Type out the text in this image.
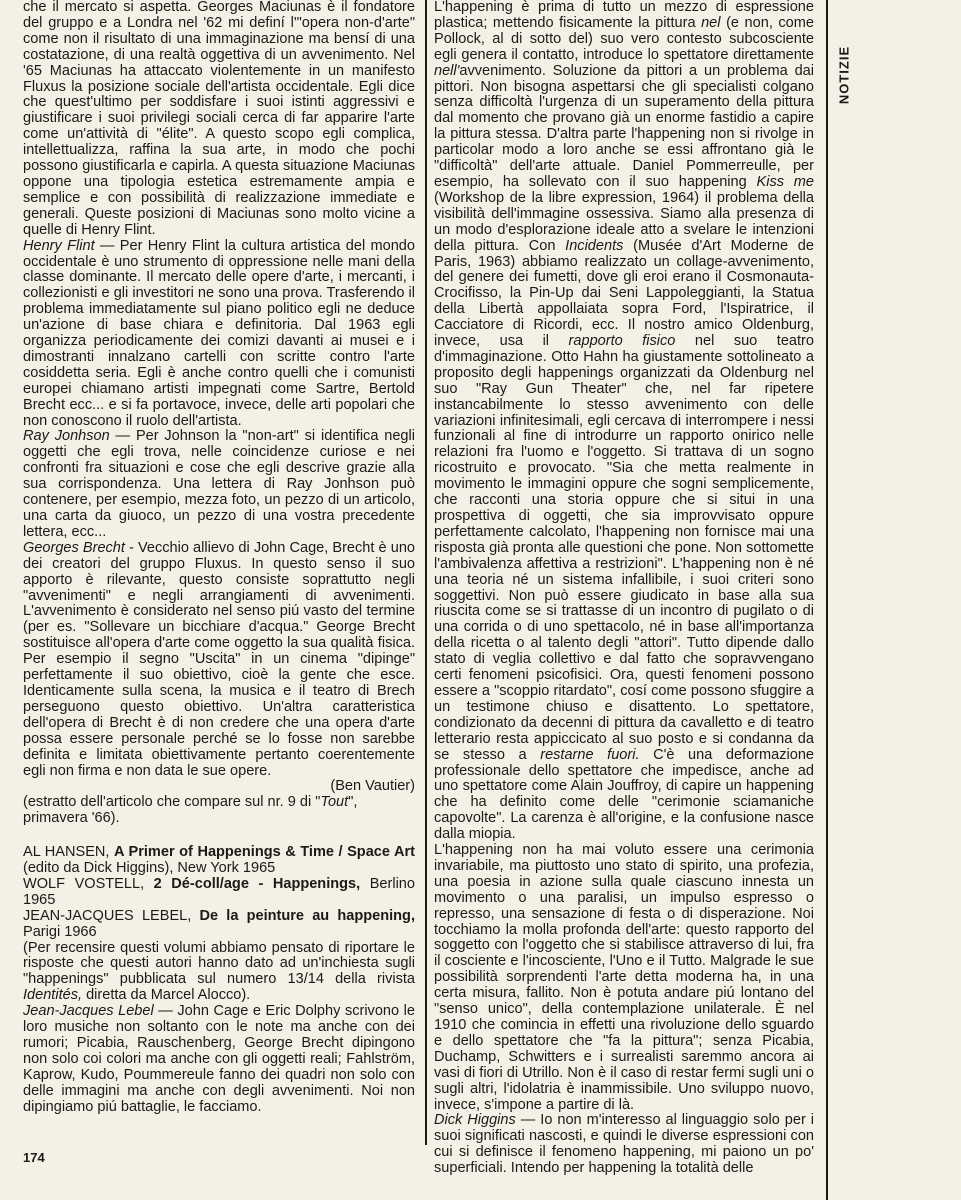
NOTIZIE

che il mercato si aspetta. Georges Maciunas è il fondatore del gruppo e a Londra nel '62 mi definí l'"opera non-d'arte" come non il risultato di una immaginazione ma bensí di una costatazione, di una realtà oggettiva di un avvenimento. Nel '65 Maciunas ha attaccato violentemente in un manifesto Fluxus la posizione sociale dell'artista occidentale. Egli dice che quest'ultimo per soddisfare i suoi istinti aggressivi e giustificare i suoi privilegi sociali cerca di far apparire l'arte come un'attività di "élite". A questo scopo egli complica, intellettualizza, raffina la sua arte, in modo che pochi possono giustificarla e capirla. A questa situazione Maciunas oppone una tipologia estetica estremamente ampia e semplice e con possibilità di realizzazione immediate e generali. Queste posizioni di Maciunas sono molto vicine a quelle di Henry Flint.

Henry Flint — Per Henry Flint la cultura artistica del mondo occidentale è uno strumento di oppressione nelle mani della classe dominante. Il mercato delle opere d'arte, i mercanti, i collezionisti e gli investitori ne sono una prova. Trasferendo il problema immediatamente sul piano politico egli ne deduce un'azione di base chiara e definitoria. Dal 1963 egli organizza periodicamente dei comizi davanti ai musei e i dimostranti innalzano cartelli con scritte contro l'arte cosiddetta seria. Egli è anche contro quelli che i comunisti europei chiamano artisti impegnati come Sartre, Bertold Brecht ecc... e si fa portavoce, invece, delle arti popolari che non conoscono il ruolo dell'artista.

Ray Jonhson — Per Johnson la "non-art" si identifica negli oggetti che egli trova, nelle coincidenze curiose e nei confronti fra situazioni e cose che egli descrive grazie alla sua corrispondenza. Una lettera di Ray Jonhson può contenere, per esempio, mezza foto, un pezzo di un articolo, una carta da giuoco, un pezzo di una vostra precedente lettera, ecc...

Georges Brecht - Vecchio allievo di John Cage, Brecht è uno dei creatori del gruppo Fluxus. In questo senso il suo apporto è rilevante, questo consiste soprattutto negli "avvenimenti" e negli arrangiamenti di avvenimenti. L'avvenimento è considerato nel senso piú vasto del termine (per es. "Sollevare un bicchiare d'acqua." George Brecht sostituisce all'opera d'arte come oggetto la sua qualità fisica. Per esempio il segno "Uscita" in un cinema "dipinge" perfettamente il suo obiettivo, cioè la gente che esce. Identicamente sulla scena, la musica e il teatro di Brech perseguono questo obiettivo. Un'altra caratteristica dell'opera di Brecht è di non credere che una opera d'arte possa essere personale perché se lo fosse non sarebbe definita e limitata obiettivamente pertanto coerentemente egli non firma e non data le sue opere.

(Ben Vautier)

(estratto dell'articolo che compare sul nr. 9 di "Tout", primavera '66).

AL HANSEN, A Primer of Happenings & Time / Space Art (edito da Dick Higgins), New York 1965

WOLF VOSTELL, 2 Dé-coll/age - Happenings, Berlino 1965

JEAN-JACQUES LEBEL, De la peinture au happening, Parigi 1966

(Per recensire questi volumi abbiamo pensato di riportare le risposte che questi autori hanno dato ad un'inchiesta sugli "happenings" pubblicata sul numero 13/14 della rivista Identités, diretta da Marcel Alocco).

Jean-Jacques Lebel — John Cage e Eric Dolphy scrivono le loro musiche non soltanto con le note ma anche con dei rumori; Picabia, Rauschenberg, George Brecht dipingono non solo coi colori ma anche con gli oggetti reali; Fahlström, Kaprow, Kudo, Poummereule fanno dei quadri non solo con delle immagini ma anche con degli avvenimenti. Noi non dipingiamo piú battaglie, le facciamo.

L'happening è prima di tutto un mezzo di espressione plastica; mettendo fisicamente la pittura nel (e non, come Pollock, al di sotto del) suo vero contesto subcosciente egli genera il contatto, introduce lo spettatore direttamente nell'avvenimento. Soluzione da pittori a un problema dai pittori. Non bisogna aspettarsi che gli specialisti colgano senza difficoltà l'urgenza di un superamento della pittura dal momento che provano già un enorme fastidio a capire la pittura stessa. D'altra parte l'happening non si rivolge in particolar modo a loro anche se essi affrontano già le "difficoltà" dell'arte attuale. Daniel Pommerreulle, per esempio, ha sollevato con il suo happening Kiss me (Workshop de la libre expression, 1964) il problema della visibilità dell'immagine ossessiva. Siamo alla presenza di un modo d'esplorazione ideale atto a svelare le intenzioni della pittura. Con Incidents (Musée d'Art Moderne de Paris, 1963) abbiamo realizzato un collage-avvenimento, del genere dei fumetti, dove gli eroi erano il Cosmonauta-Crocifisso, la Pin-Up dai Seni Lappoleggianti, la Statua della Libertà appollaiata sopra Ford, l'Ispiratrice, il Cacciatore di Ricordi, ecc. Il nostro amico Oldenburg, invece, usa il rapporto fisico nel suo teatro d'immaginazione. Otto Hahn ha giustamente sottolineato a proposito degli happenings organizzati da Oldenburg nel suo "Ray Gun Theater" che, nel far ripetere instancabilmente lo stesso avvenimento con delle variazioni infinitesimali, egli cercava di interrompere i nessi funzionali al fine di introdurre un rapporto onirico nelle relazioni fra l'uomo e l'oggetto. Si trattava di un sogno ricostruito e provocato. "Sia che metta realmente in movimento le immagini oppure che sogni semplicemente, che racconti una storia oppure che si situi in una prospettiva di oggetti, che sia improvvisato oppure perfettamente calcolato, l'happening non fornisce mai una risposta già pronta alle questioni che pone. Non sottomette l'ambivalenza affettiva a restrizioni". L'happening non è né una teoria né un sistema infallibile, i suoi criteri sono soggettivi. Non può essere giudicato in base alla sua riuscita come se si trattasse di un incontro di pugilato o di una corrida o di uno spettacolo, né in base all'importanza della ricetta o al talento degli "attori". Tutto dipende dallo stato di veglia collettivo e dal fatto che sopravvengano certi fenomeni psicofisici. Ora, questi fenomeni possono essere a "scoppio ritardato", cosí come possono sfuggire a un testimone chiuso e disattento. Lo spettatore, condizionato da decenni di pittura da cavalletto e di teatro letterario resta appiccicato al suo posto e si condanna da se stesso a restarne fuori. C'è una deformazione professionale dello spettatore che impedisce, anche ad uno spettatore come Alain Jouffroy, di capire un happening che ha definito come delle "cerimonie sciamaniche capovolte". La carenza è all'origine, e la confusione nasce dalla miopia.

L'happening non ha mai voluto essere una cerimonia invariabile, ma piuttosto uno stato di spirito, una profezia, una poesia in azione sulla quale ciascuno innesta un movimento o una paralisi, un impulso espresso o represso, una sensazione di festa o di disperazione. Noi tocchiamo la molla profonda dell'arte: questo rapporto del soggetto con l'oggetto che si stabilisce attraverso di lui, fra il cosciente e l'incosciente, l'Uno e il Tutto. Malgrade le sue possibilità sorprendenti l'arte detta moderna ha, in una certa misura, fallito. Non è potuta andare piú lontano del "senso unico", della contemplazione unilaterale. È nel 1910 che comincia in effetti una rivoluzione dello sguardo e dello spettatore che "fa la pittura"; senza Picabia, Duchamp, Schwitters e i surrealisti saremmo ancora ai vasi di fiori di Utrillo. Non è il caso di restar fermi sugli uni o sugli altri, l'idolatria è inammissibile. Uno sviluppo nuovo, invece, s'impone a partire di là.

Dick Higgins — Io non m'interesso al linguaggio solo per i suoi significati nascosti, e quindi le diverse espressioni con cui si definisce il fenomeno happening, mi paiono un po' superficiali. Intendo per happening la totalità delle

174
